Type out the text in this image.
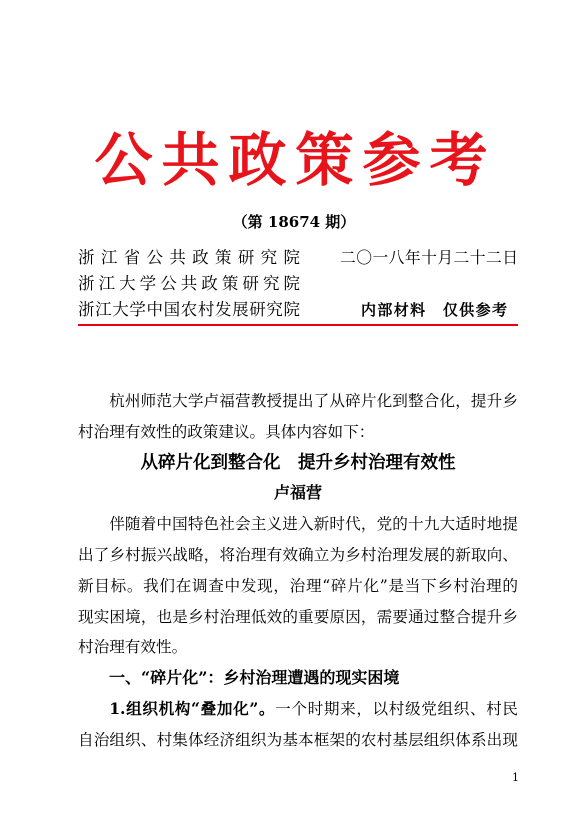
公共政策参考
（第 18674 期）
浙江省公共政策研究院
浙江大学公共政策研究院
浙江大学中国农村发展研究院
二〇一八年十月二十二日
内部材料　仅供参考
杭州师范大学卢福营教授提出了从碎片化到整合化，提升乡
村治理有效性的政策建议。具体内容如下：
从碎片化到整合化　提升乡村治理有效性
卢福营
伴随着中国特色社会主义进入新时代，党的十九大适时地提
出了乡村振兴战略，将治理有效确立为乡村治理发展的新取向、
新目标。我们在调查中发现，治理“碎片化”是当下乡村治理的
现实困境，也是乡村治理低效的重要原因，需要通过整合提升乡
村治理有效性。
一、“碎片化”：乡村治理遭遇的现实困境
1.组织机构“叠加化”。一个时期来，以村级党组织、村民
自治组织、村集体经济组织为基本框架的农村基层组织体系出现
1
